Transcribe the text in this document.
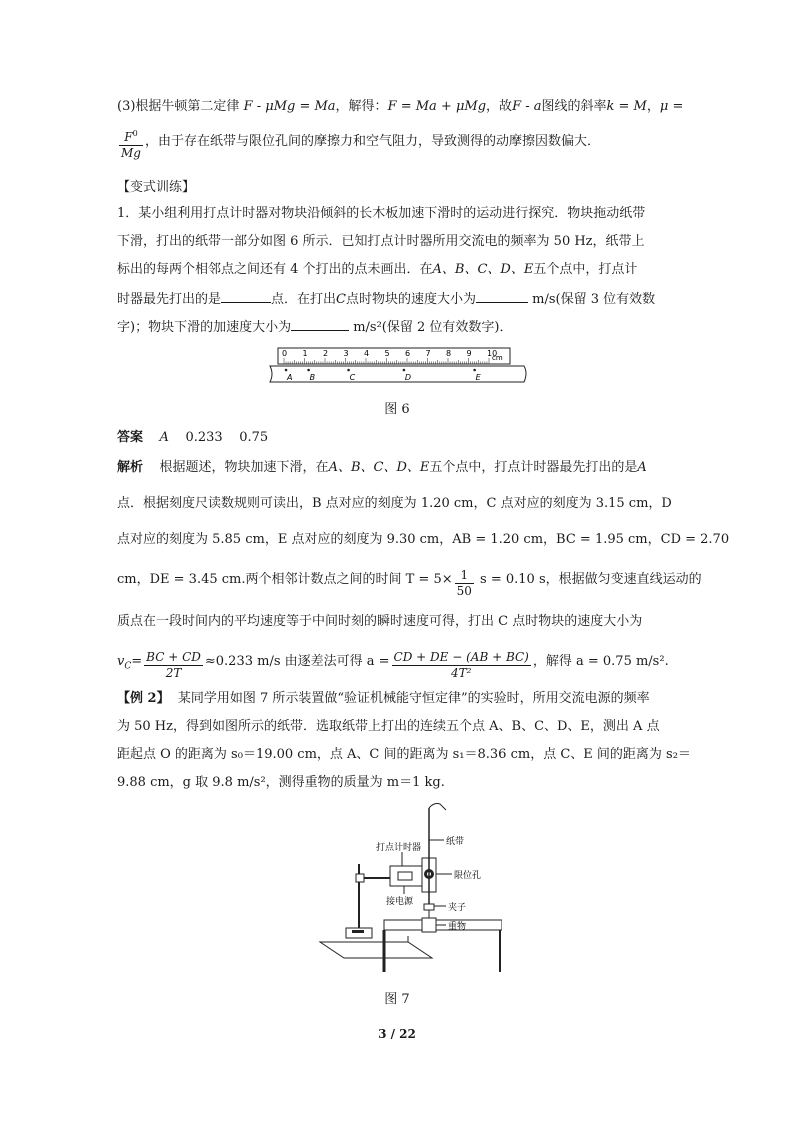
(3)根据牛顿第二定律 F - μMg = Ma，解得：F = Ma + μMg，故F - a图线的斜率k = M，μ =
$\frac{F^0}{Mg}$ ，由于存在纸带与限位孔间的摩擦力和空气阻力，导致测得的动摩擦因数偏大．
【变式训练】
1．某小组利用打点计时器对物块沿倾斜的长木板加速下滑时的运动进行探究．物块拖动纸带
下滑，打出的纸带一部分如图 6 所示．已知打点计时器所用交流电的频率为 50 Hz，纸带上
标出的每两个相邻点之间还有 4 个打出的点未画出．在A、B、C、D、E五个点中，打点计
时器最先打出的是	点．在打出C点时物块的速度大小为	m/s(保留 3 位有效数
字)；物块下滑的加速度大小为	m/s²(保留 2 位有效数字)．
0 1 2 3 4 5 6 7 8 9 10
cm
A B	C	D	E
图 6
答案 A 0.233 0.75
解析 根据题述，物块加速下滑，在A、B、C、D、E五个点中，打点计时器最先打出的是A
点．根据刻度尺读数规则可读出，B 点对应的刻度为 1.20 cm，C 点对应的刻度为 3.15 cm，D
点对应的刻度为 5.85 cm，E 点对应的刻度为 9.30 cm，AB = 1.20 cm，BC = 1.95 cm，CD = 2.70
cm，DE = 3.45 cm.两个相邻计数点之间的时间 $T = 5\times \frac{1}{50}$ s = 0.10 s，根据做匀变速直线运动的
质点在一段时间内的平均速度等于中间时刻的瞬时速度可得，打出 C 点时物块的速度大小为
$v_C= \frac{BC + CD}{2T} \approx 0.233$ m/s 由逐差法可得 $a = \frac{CD + DE - (AB + BC)}{\text{4T²}}$ ，解得 a = 0.75 m/s².
【例 2】 某同学用如图 7 所示装置做“验证机械能守恒定律”的实验时，所用交流电源的频率
为 50 Hz，得到如图所示的纸带．选取纸带上打出的连续五个点 A、B、C、D、E，测出 A 点
距起点 O 的距离为 s₀＝19.00 cm，点 A、C 间的距离为 s₁＝8.36 cm，点 C、E 间的距离为 s₂＝
9.88 cm，g 取 9.8 m/s²，测得重物的质量为 m＝1 kg.
纸带
打点计时器
限位孔
接电源
夹子
重物
图 7
3 / 22
